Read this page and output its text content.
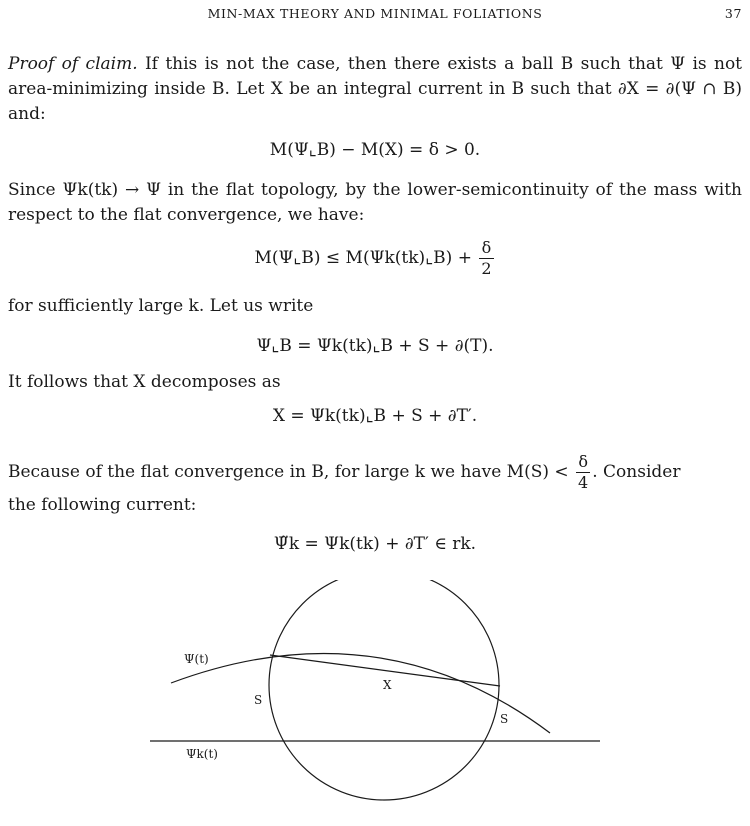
MIN-MAX THEORY AND MINIMAL FOLIATIONS	37
Proof of claim. If this is not the case, then there exists a ball B such that Ψ is not area-minimizing inside B. Let X be an integral current in B such that ∂X = ∂(Ψ ∩ B) and:
M(Ψ⌞B) − M(X) = δ > 0.
Since Ψk(tk) → Ψ in the flat topology, by the lower-semicontinuity of the mass with respect to the flat convergence, we have:
M(Ψ⌞B) ≤ M(Ψk(tk)⌞B) + $\frac{\delta}{2}$
for sufficiently large k. Let us write
Ψ⌞B = Ψk(tk)⌞B + S + ∂(T).
It follows that X decomposes as
X = Ψk(tk)⌞B + S + ∂T′.
Because of the flat convergence in B, for large k we have $M(S) < \frac{\delta}{4}$ . Consider
the following current:
Ψ̃k = Ψk(tk) + ∂T′ ∈ rk.
Ψ(t)
Ψk(t)
X
S
S
